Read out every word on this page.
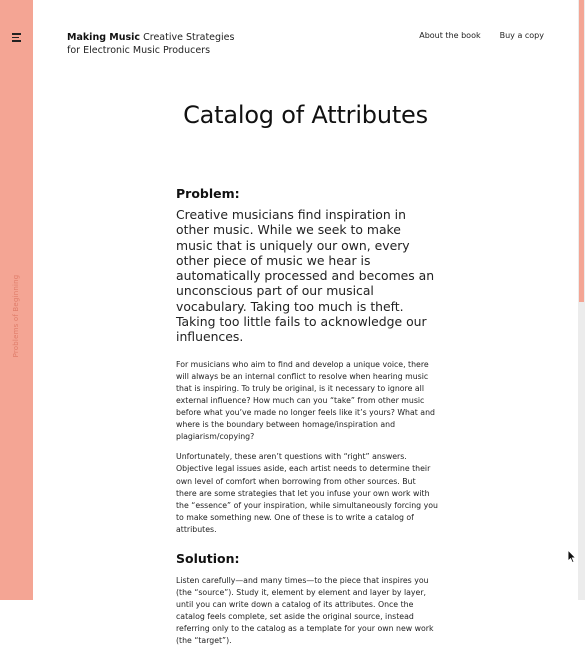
Problems of Beginning
Making Music Creative Strategies for Electronic Music Producers
About the book Buy a copy
Catalog of Attributes
Problem:

Creative musicians find inspiration in other music. While we seek to make music that is uniquely our own, every other piece of music we hear is automatically processed and becomes an unconscious part of our musical vocabulary. Taking too much is theft. Taking too little fails to acknowledge our influences.

For musicians who aim to find and develop a unique voice, there will always be an internal conflict to resolve when hearing music that is inspiring. To truly be original, is it necessary to ignore all external influence? How much can you “take” from other music before what you’ve made no longer feels like it’s yours? What and where is the boundary between homage/inspiration and plagiarism/copying?

Unfortunately, these aren’t questions with “right” answers. Objective legal issues aside, each artist needs to determine their own level of comfort when borrowing from other sources. But there are some strategies that let you infuse your own work with the “essence” of your inspiration, while simultaneously forcing you to make something new. One of these is to write a catalog of attributes.

Solution:

Listen carefully—and many times—to the piece that inspires you (the “source”). Study it, element by element and layer by layer, until you can write down a catalog of its attributes. Once the catalog feels complete, set aside the original source, instead referring only to the catalog as a template for your own new work (the “target”).
